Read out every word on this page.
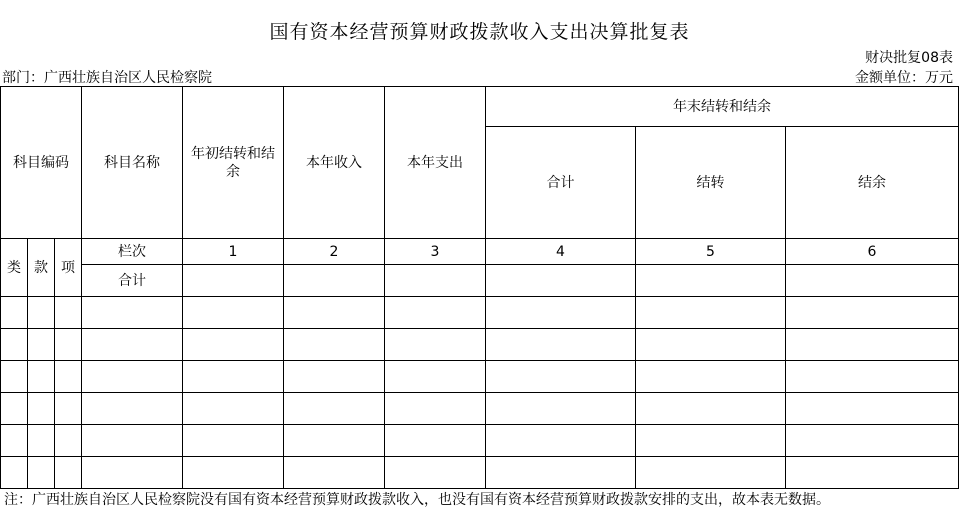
国有资本经营预算财政拨款收入支出决算批复表
财决批复08表
部门：广西壮族自治区人民检察院	金额单位：万元
科目编码			科目名称	年初结转和结余	本年收入	本年支出	年末结转和结余		
							合计	结转	结余

类	款	项	栏次	1	2	3	4	5	6
			合计						

注：广西壮族自治区人民检察院没有国有资本经营预算财政拨款收入，也没有国有资本经营预算财政拨款安排的支出，故本表无数据。
